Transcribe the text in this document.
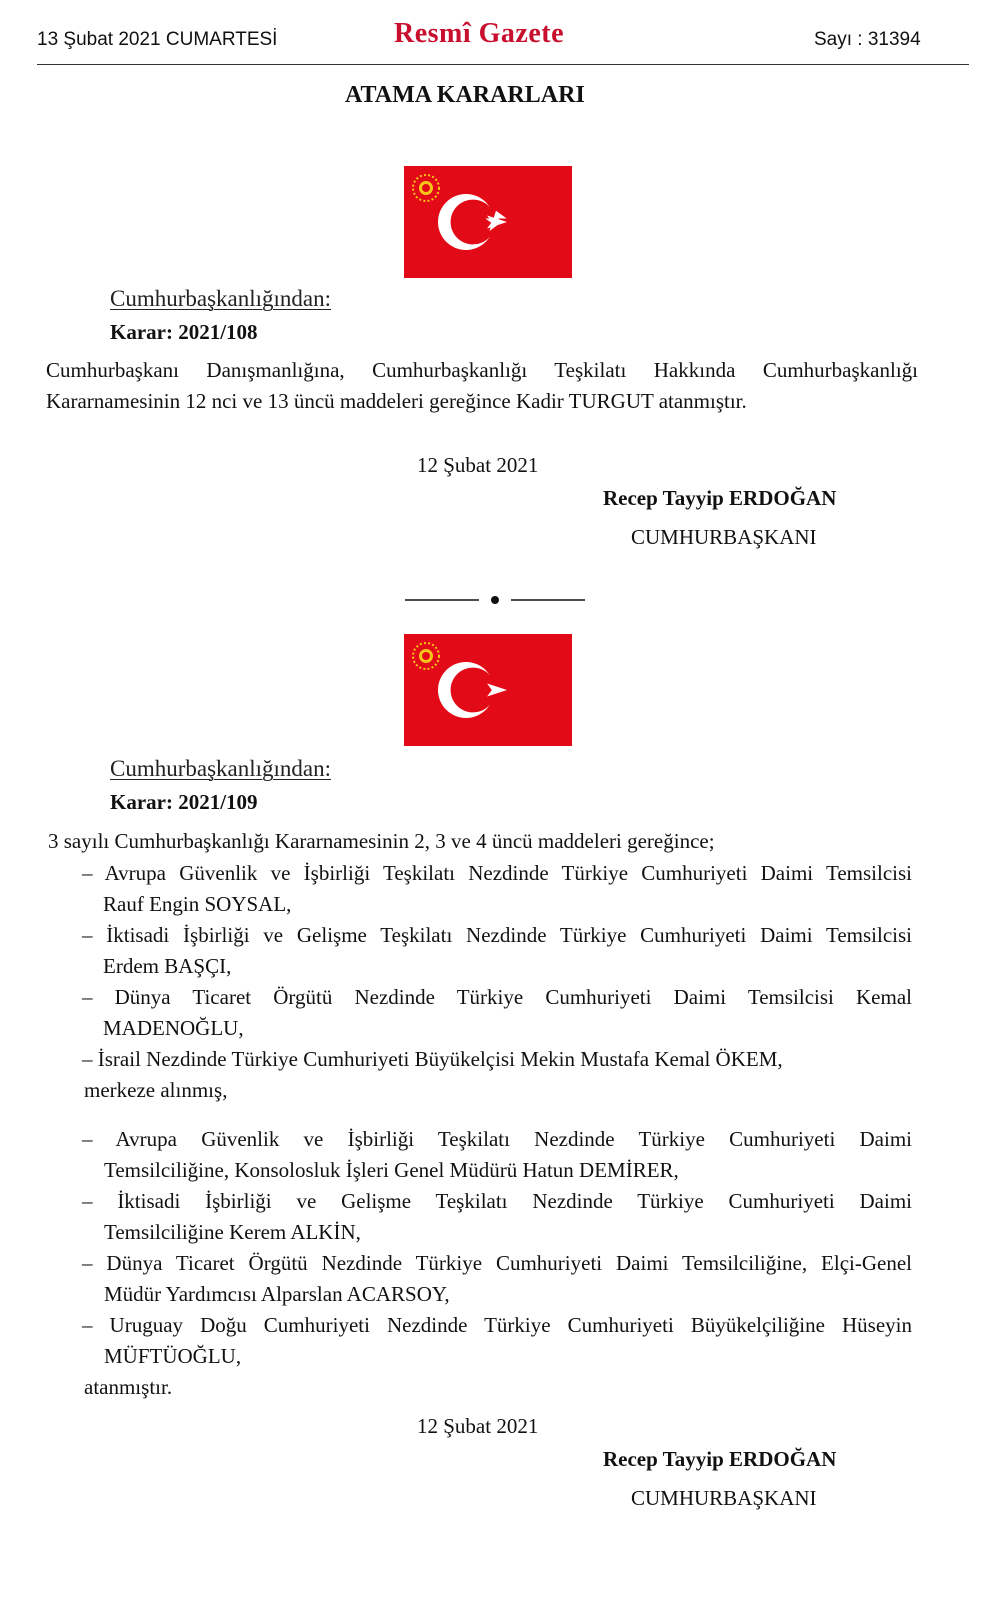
13 Şubat 2021 CUMARTESİ	Resmî Gazete	Sayı : 31394
ATAMA KARARLARI
Cumhurbaşkanlığından:
Karar: 2021/108
Cumhurbaşkanı Danışmanlığına, Cumhurbaşkanlığı Teşkilatı Hakkında Cumhurbaşkanlığı
Kararnamesinin 12 nci ve 13 üncü maddeleri gereğince Kadir TURGUT atanmıştır.
12 Şubat 2021
Recep Tayyip ERDOĞAN
CUMHURBAŞKANI
Cumhurbaşkanlığından:
Karar: 2021/109
3 sayılı Cumhurbaşkanlığı Kararnamesinin 2, 3 ve 4 üncü maddeleri gereğince;
– Avrupa Güvenlik ve İşbirliği Teşkilatı Nezdinde Türkiye Cumhuriyeti Daimi Temsilcisi
Rauf Engin SOYSAL,
– İktisadi İşbirliği ve Gelişme Teşkilatı Nezdinde Türkiye Cumhuriyeti Daimi Temsilcisi
Erdem BAŞÇI,
– Dünya Ticaret Örgütü Nezdinde Türkiye Cumhuriyeti Daimi Temsilcisi Kemal
MADENOĞLU,
– İsrail Nezdinde Türkiye Cumhuriyeti Büyükelçisi Mekin Mustafa Kemal ÖKEM,
merkeze alınmış,
– Avrupa Güvenlik ve İşbirliği Teşkilatı Nezdinde Türkiye Cumhuriyeti Daimi
Temsilciliğine, Konsolosluk İşleri Genel Müdürü Hatun DEMİRER,
– İktisadi İşbirliği ve Gelişme Teşkilatı Nezdinde Türkiye Cumhuriyeti Daimi
Temsilciliğine Kerem ALKİN,
– Dünya Ticaret Örgütü Nezdinde Türkiye Cumhuriyeti Daimi Temsilciliğine, Elçi-Genel
Müdür Yardımcısı Alparslan ACARSOY,
– Uruguay Doğu Cumhuriyeti Nezdinde Türkiye Cumhuriyeti Büyükelçiliğine Hüseyin
MÜFTÜOĞLU,
atanmıştır.
12 Şubat 2021
Recep Tayyip ERDOĞAN
CUMHURBAŞKANI
